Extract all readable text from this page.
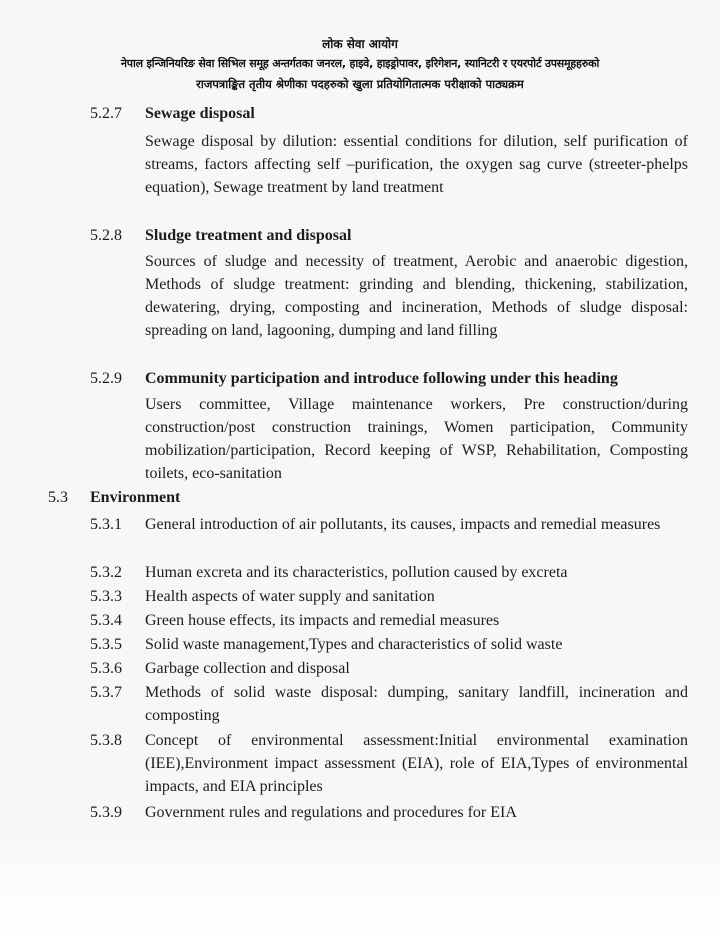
लोक सेवा आयोग
नेपाल इन्जिनियरिङ सेवा सिभिल समूह अन्तर्गतका जनरल, हाइवे, हाइड्रोपावर, इरिगेशन, स्यानिटरी र एयरपोर्ट उपसमूहहरुको
राजपत्राङ्कित तृतीय श्रेणीका पदहरुको खुला प्रतियोगितात्मक परीक्षाको पाठ्यक्रम
5.2.7 Sewage disposal
Sewage disposal by dilution: essential conditions for dilution, self purification of streams, factors affecting self –purification, the oxygen sag curve (streeter-phelps equation), Sewage treatment by land treatment
5.2.8 Sludge treatment and disposal
Sources of sludge and necessity of treatment, Aerobic and anaerobic digestion, Methods of sludge treatment: grinding and blending, thickening, stabilization, dewatering, drying, composting and incineration, Methods of sludge disposal: spreading on land, lagooning, dumping and land filling
5.2.9 Community participation and introduce following under this heading
Users committee, Village maintenance workers, Pre construction/during construction/post construction trainings, Women participation, Community mobilization/participation, Record keeping of WSP, Rehabilitation, Composting toilets, eco-sanitation
5.3 Environment
5.3.1 General introduction of air pollutants, its causes, impacts and remedial measures
5.3.2 Human excreta and its characteristics, pollution caused by excreta
5.3.3 Health aspects of water supply and sanitation
5.3.4 Green house effects, its impacts and remedial measures
5.3.5 Solid waste management,Types and characteristics of solid waste
5.3.6 Garbage collection and disposal
5.3.7 Methods of solid waste disposal: dumping, sanitary landfill, incineration and composting
5.3.8 Concept of environmental assessment:Initial environmental examination (IEE),Environment impact assessment (EIA), role of EIA,Types of environmental impacts, and EIA principles
5.3.9 Government rules and regulations and procedures for EIA
